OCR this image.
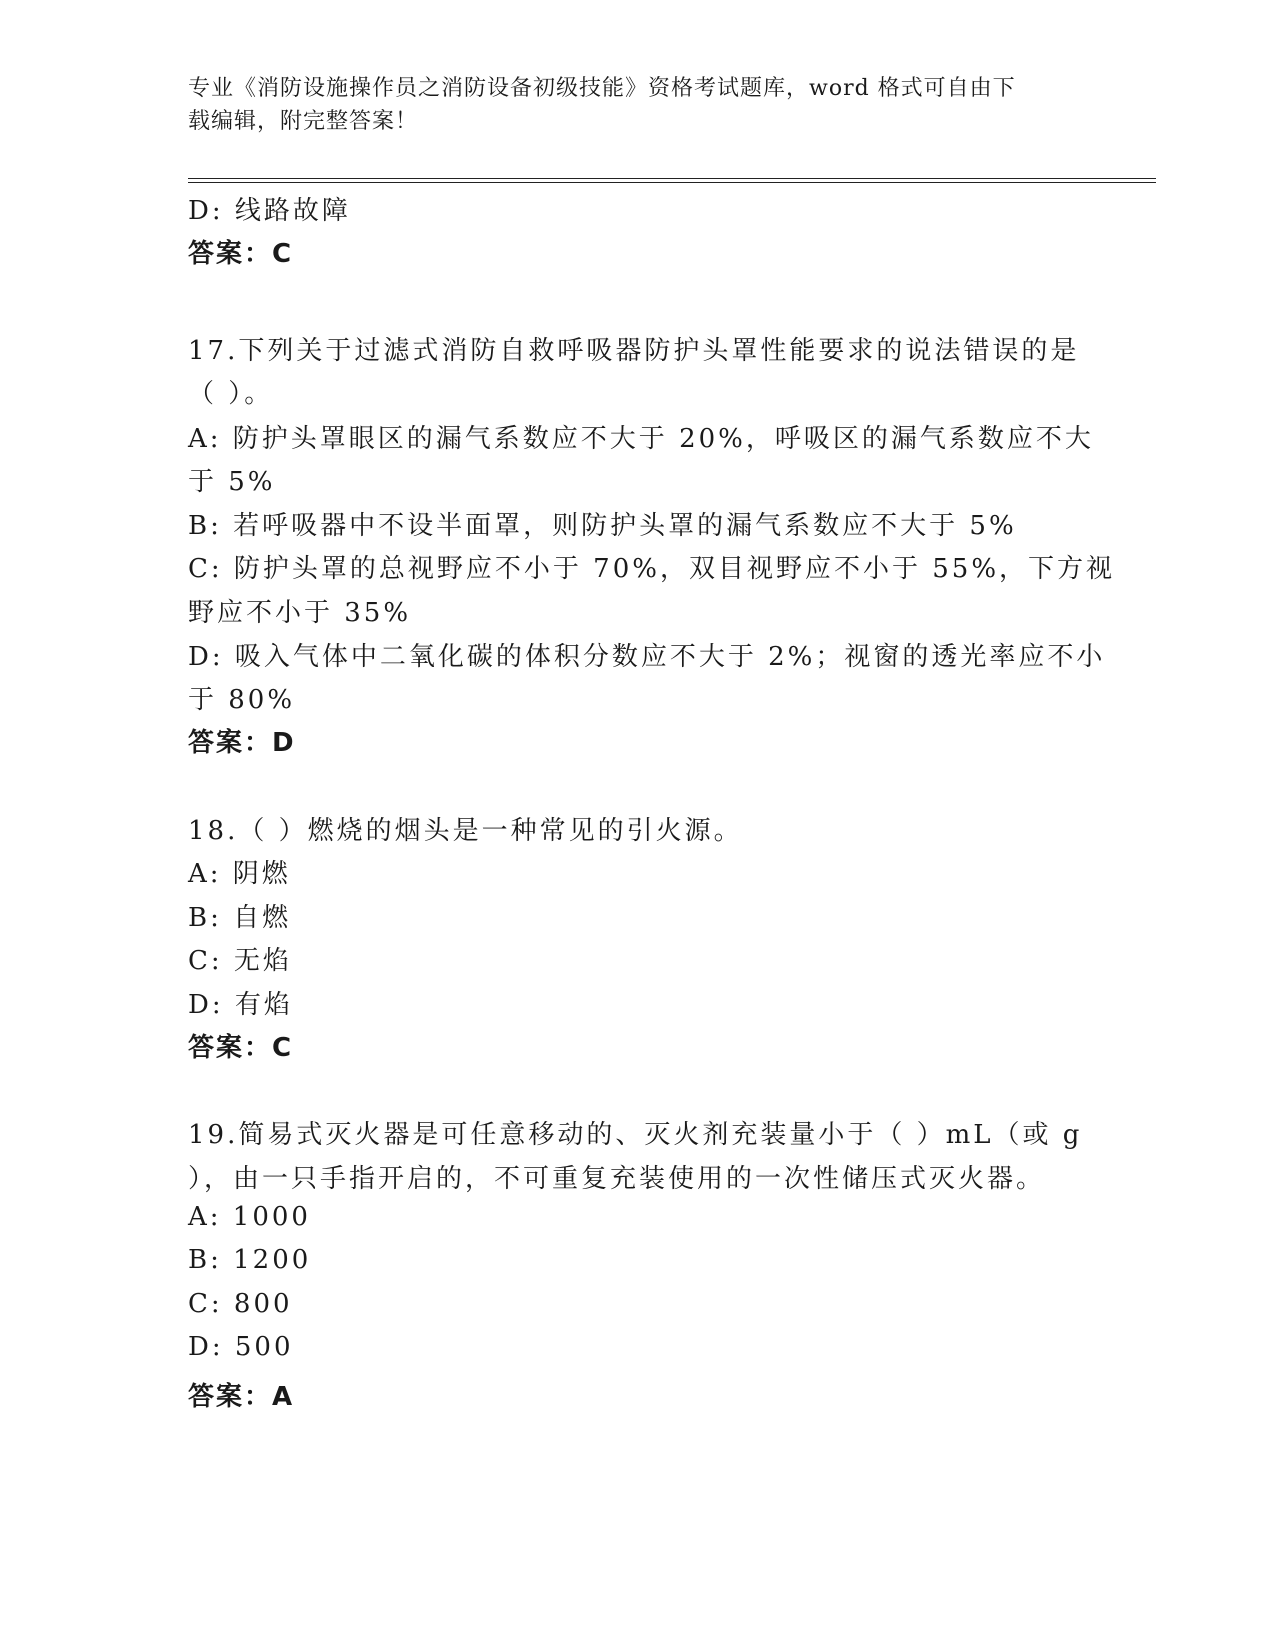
专业《消防设施操作员之消防设备初级技能》资格考试题库，word 格式可自由下
载编辑，附完整答案！
D: 线路故障
答案：C
17.下列关于过滤式消防自救呼吸器防护头罩性能要求的说法错误的是
（ ）。
A: 防护头罩眼区的漏气系数应不大于 20%，呼吸区的漏气系数应不大
于 5%
B: 若呼吸器中不设半面罩，则防护头罩的漏气系数应不大于 5%
C: 防护头罩的总视野应不小于 70%，双目视野应不小于 55%，下方视
野应不小于 35%
D: 吸入气体中二氧化碳的体积分数应不大于 2%；视窗的透光率应不小
于 80%
答案：D
18.（ ）燃烧的烟头是一种常见的引火源。
A: 阴燃
B: 自燃
C: 无焰
D: 有焰
答案：C
19.简易式灭火器是可任意移动的、灭火剂充装量小于（ ）mL（或 g
），由一只手指开启的，不可重复充装使用的一次性储压式灭火器。
A: 1000
B: 1200
C: 800
D: 500
答案：A
